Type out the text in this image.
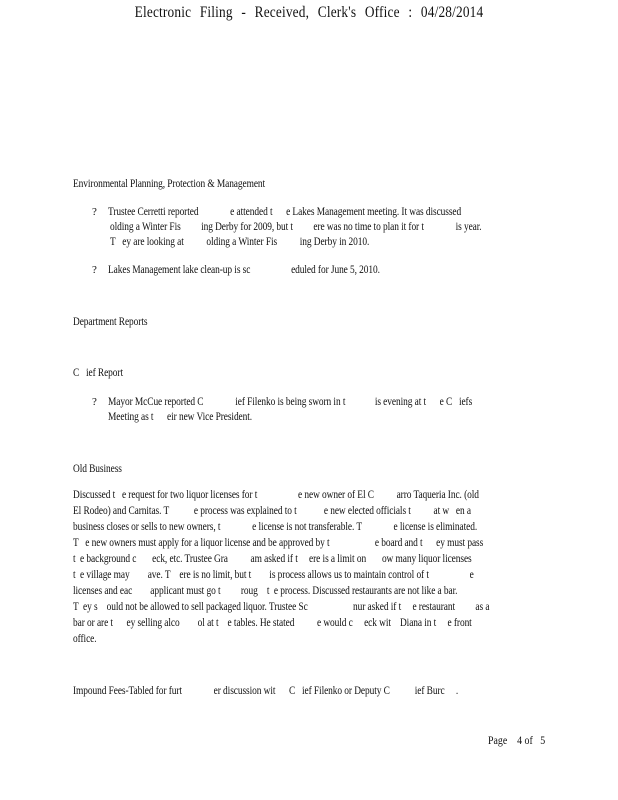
Electronic Filing - Received, Clerk's Office : 04/28/2014
Environmental Planning, Protection & Management
? Trustee Cerretti reported              e attended t      e Lakes Management meeting. It was discussed
olding a Winter Fis         ing Derby for 2009, but t         ere was no time to plan it for t              is year.
T   ey are looking at          olding a Winter Fis          ing Derby in 2010.
? Lakes Management lake clean-up is sc                  eduled for June 5, 2010.
Department Reports
C   ief Report
? Mayor McCue reported C              ief Filenko is being sworn in t             is evening at t      e C   iefs
Meeting as t      eir new Vice President.
Old Business
Discussed t   e request for two liquor licenses for t                  e new owner of El C          arro Taqueria Inc. (old
El Rodeo) and Carnitas. T           e process was explained to t            e new elected officials t          at w   en a
business closes or sells to new owners, t              e license is not transferable. T              e license is eliminated.
T   e new owners must apply for a liquor license and be approved by t                    e board and t      ey must pass
t  e background c       eck, etc. Trustee Gra          am asked if t     ere is a limit on       ow many liquor licenses
t  e village may        ave. T    ere is no limit, but t        is process allows us to maintain control of t                  e
licenses and eac        applicant must go t         roug    t  e process. Discussed restaurants are not like a bar.
T  ey s    ould not be allowed to sell packaged liquor. Trustee Sc                    nur asked if t     e restaurant         as a
bar or are t      ey selling alco        ol at t    e tables. He stated          e would c     eck wit    Diana in t     e front
office.
Impound Fees-Tabled for furt              er discussion wit      C   ief Filenko or Deputy C           ief Burc     .
Page    4 of   5
